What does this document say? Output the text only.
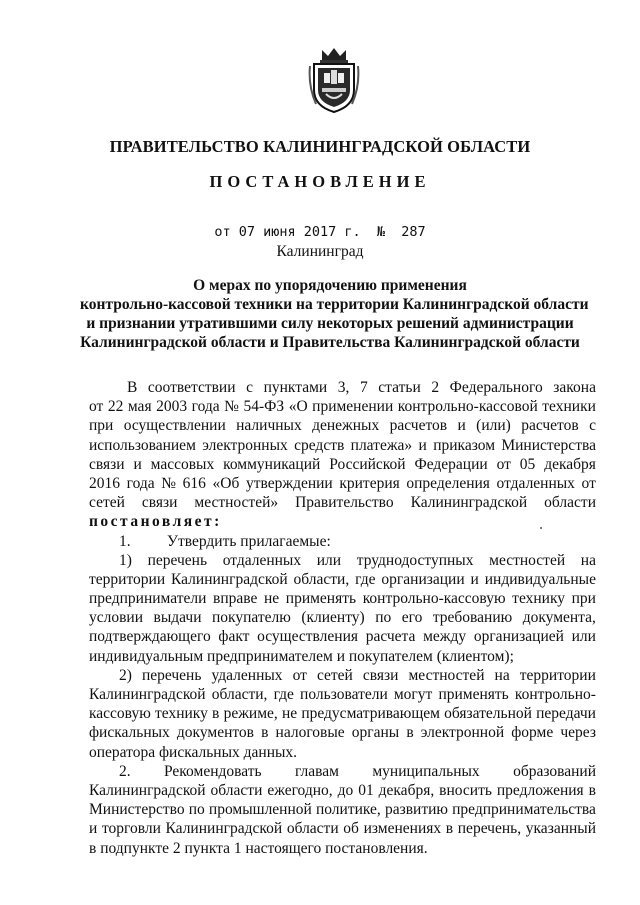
ПРАВИТЕЛЬСТВО КАЛИНИНГРАДСКОЙ ОБЛАСТИ
ПОСТАНОВЛЕНИЕ
от 07 июня 2017 г.  №  287
Калининград
О мерах по упорядочению применения
контрольно-кассовой техники на территории Калининградской области
и признании утратившими силу некоторых решений администрации
Калининградской области и Правительства Калининградской области
В соответствии с пунктами 3, 7 статьи 2 Федерального закона
от 22 мая 2003 года № 54-ФЗ «О применении контрольно-кассовой техники
при осуществлении наличных денежных расчетов и (или) расчетов с
использованием электронных средств платежа» и приказом Министерства
связи и массовых коммуникаций Российской Федерации от 05 декабря
2016 года № 616 «Об утверждении критерия определения отдаленных от
сетей связи местностей» Правительство Калининградской области
постановляет:
1.	Утвердить прилагаемые:
1) перечень отдаленных или труднодоступных местностей на
территории Калининградской области, где организации и индивидуальные
предприниматели вправе не применять контрольно-кассовую технику при
условии выдачи покупателю (клиенту) по его требованию документа,
подтверждающего факт осуществления расчета между организацией или
индивидуальным предпринимателем и покупателем (клиентом);
2) перечень удаленных от сетей связи местностей на территории
Калининградской области, где пользователи могут применять контрольно-
кассовую технику в режиме, не предусматривающем обязательной передачи
фискальных документов в налоговые органы в электронной форме через
оператора фискальных данных.
2. Рекомендовать главам муниципальных образований
Калининградской области ежегодно, до 01 декабря, вносить предложения в
Министерство по промышленной политике, развитию предпринимательства
и торговли Калининградской области об изменениях в перечень, указанный
в подпункте 2 пункта 1 настоящего постановления.
